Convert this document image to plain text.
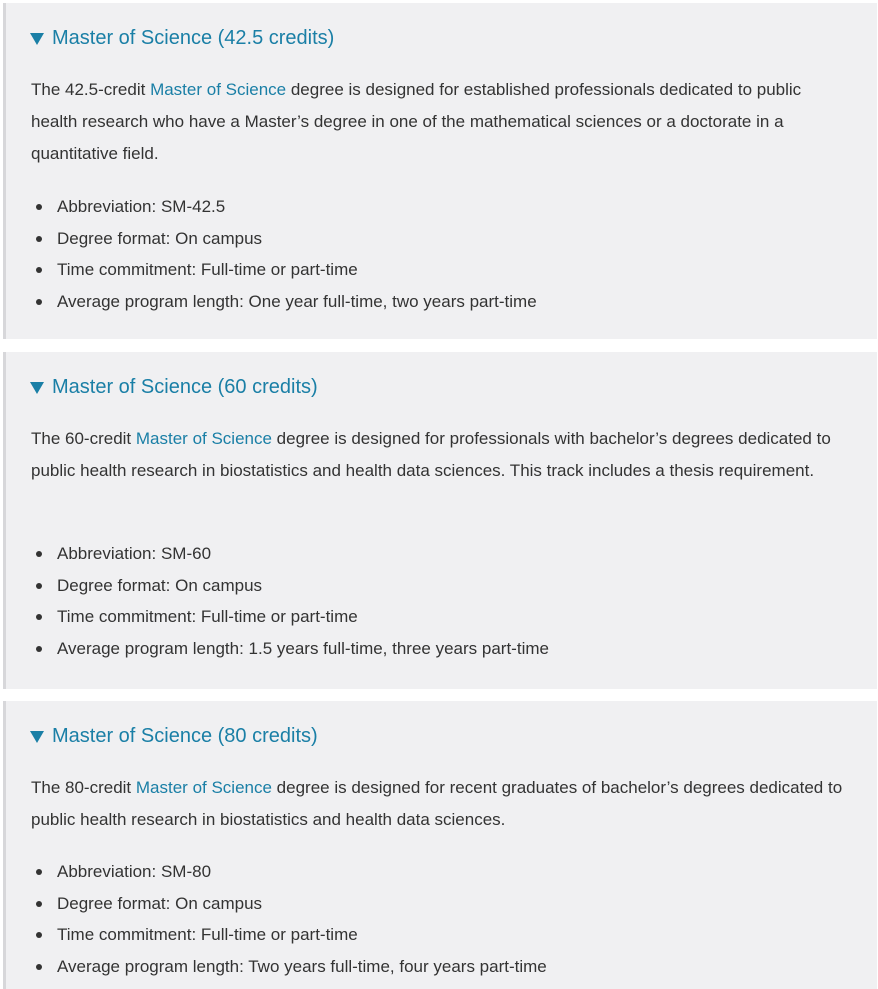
Master of Science (42.5 credits)

The 42.5-credit Master of Science degree is designed for established professionals dedicated to public health research who have a Master’s degree in one of the mathematical sciences or a doctorate in a quantitative field.

Abbreviation: SM-42.5
Degree format: On campus
Time commitment: Full-time or part-time
Average program length: One year full-time, two years part-time
Master of Science (60 credits)

The 60-credit Master of Science degree is designed for professionals with bachelor’s degrees dedicated to public health research in biostatistics and health data sciences. This track includes a thesis requirement.

Abbreviation: SM-60
Degree format: On campus
Time commitment: Full-time or part-time
Average program length: 1.5 years full-time, three years part-time
Master of Science (80 credits)

The 80-credit Master of Science degree is designed for recent graduates of bachelor’s degrees dedicated to public health research in biostatistics and health data sciences.

Abbreviation: SM-80
Degree format: On campus
Time commitment: Full-time or part-time
Average program length: Two years full-time, four years part-time
